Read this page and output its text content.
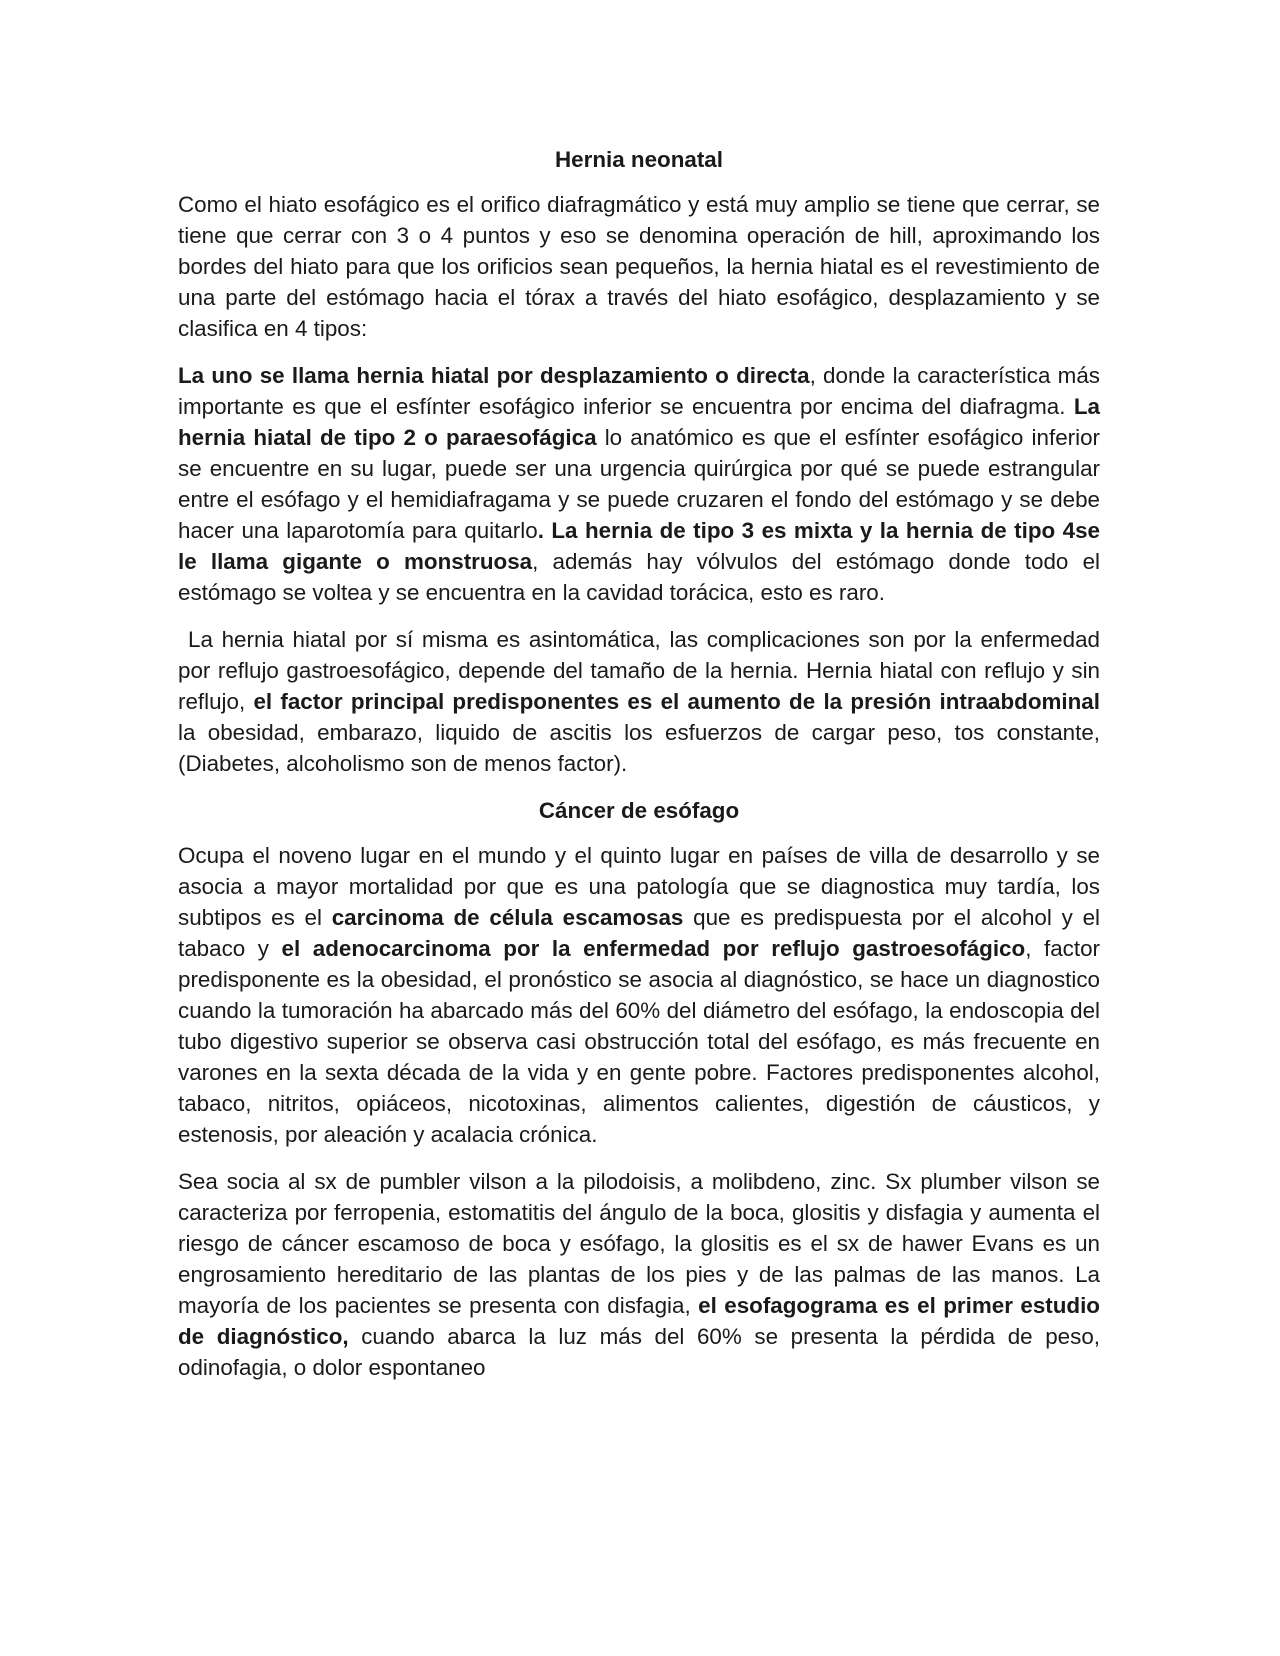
Hernia neonatal

Como el hiato esofágico es el orifico diafragmático y está muy amplio se tiene que cerrar, se tiene que cerrar con 3 o 4 puntos y eso se denomina operación de hill, aproximando los bordes del hiato para que los orificios sean pequeños, la hernia hiatal es el revestimiento de una parte del estómago hacia el tórax a través del hiato esofágico, desplazamiento y se clasifica en 4 tipos:

La uno se llama hernia hiatal por desplazamiento o directa, donde la característica más importante es que el esfínter esofágico inferior se encuentra por encima del diafragma. La hernia hiatal de tipo 2 o paraesofágica lo anatómico es que el esfínter esofágico inferior se encuentre en su lugar, puede ser una urgencia quirúrgica por qué se puede estrangular entre el esófago y el hemidiafragama y se puede cruzaren el fondo del estómago y se debe hacer una laparotomía para quitarlo. La hernia de tipo 3 es mixta y la hernia de tipo 4se le llama gigante o monstruosa, además hay vólvulos del estómago donde todo el estómago se voltea y se encuentra en la cavidad torácica, esto es raro.

La hernia hiatal por sí misma es asintomática, las complicaciones son por la enfermedad por reflujo gastroesofágico, depende del tamaño de la hernia. Hernia hiatal con reflujo y sin reflujo, el factor principal predisponentes es el aumento de la presión intraabdominal la obesidad, embarazo, liquido de ascitis los esfuerzos de cargar peso, tos constante, (Diabetes, alcoholismo son de menos factor).

Cáncer de esófago

Ocupa el noveno lugar en el mundo y el quinto lugar en países de villa de desarrollo y se asocia a mayor mortalidad por que es una patología que se diagnostica muy tardía, los subtipos es el carcinoma de célula escamosas que es predispuesta por el alcohol y el tabaco y el adenocarcinoma por la enfermedad por reflujo gastroesofágico, factor predisponente es la obesidad, el pronóstico se asocia al diagnóstico, se hace un diagnostico cuando la tumoración ha abarcado más del 60% del diámetro del esófago, la endoscopia del tubo digestivo superior se observa casi obstrucción total del esófago, es más frecuente en varones en la sexta década de la vida y en gente pobre. Factores predisponentes alcohol, tabaco, nitritos, opiáceos, nicotoxinas, alimentos calientes, digestión de cáusticos, y estenosis, por aleación y acalacia crónica.

Sea socia al sx de pumbler vilson a la pilodoisis, a molibdeno, zinc. Sx plumber vilson se caracteriza por ferropenia, estomatitis del ángulo de la boca, glositis y disfagia y aumenta el riesgo de cáncer escamoso de boca y esófago, la glositis es el sx de hawer Evans es un engrosamiento hereditario de las plantas de los pies y de las palmas de las manos. La mayoría de los pacientes se presenta con disfagia, el esofagograma es el primer estudio de diagnóstico, cuando abarca la luz más del 60% se presenta la pérdida de peso, odinofagia, o dolor espontaneo
